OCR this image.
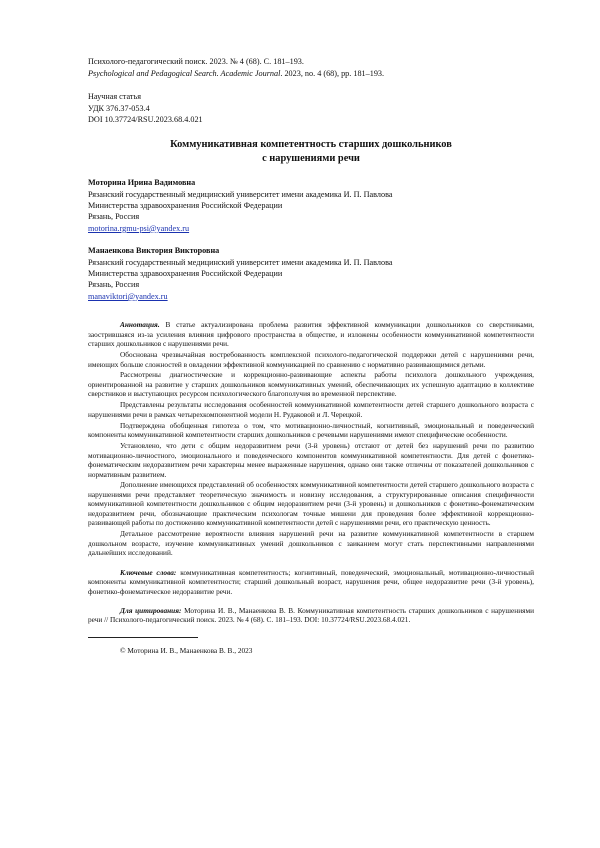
Психолого-педагогический поиск. 2023. № 4 (68). С. 181–193.
Psychological and Pedagogical Search. Academic Journal. 2023, no. 4 (68), pp. 181–193.
Научная статья
УДК 376.37-053.4
DOI 10.37724/RSU.2023.68.4.021
Коммуникативная компетентность старших дошкольников
с нарушениями речи
Моторина Ирина Вадимовна
Рязанский государственный медицинский университет имени академика И. П. Павлова
Министерства здравоохранения Российской Федерации
Рязань, Россия
motorina.rgmu-psi@yandex.ru
Манаенкова Виктория Викторовна
Рязанский государственный медицинский университет имени академика И. П. Павлова
Министерства здравоохранения Российской Федерации
Рязань, Россия
manaviktori@yandex.ru

Аннотация. В статье актуализирована проблема развития эффективной коммуникации дошкольников со сверстниками, заострившаяся из-за усиления влияния цифрового пространства в обществе, и изложены особенности коммуникативной компетентности старших дошкольников с нарушениями речи.

Обоснована чрезвычайная востребованность комплексной психолого-педагогической поддержки детей с нарушениями речи, имеющих больше сложностей в овладении эффективной коммуникацией по сравнению с нормативно развивающимися детьми.

Рассмотрены диагностические и коррекционно-развивающие аспекты работы психолога дошкольного учреждения, ориентированной на развитие у старших дошкольников коммуникативных умений, обеспечивающих их успешную адаптацию в коллективе сверстников и выступающих ресурсом психологического благополучия во временной перспективе.

Представлены результаты исследования особенностей коммуникативной компетентности детей старшего дошкольного возраста с нарушениями речи в рамках четырехкомпонентной модели Н. Рудаковой и Л. Черецкой.

Подтверждена обобщенная гипотеза о том, что мотивационно-личностный, когнитивный, эмоциональный и поведенческий компоненты коммуникативной компетентности старших дошкольников с речевыми нарушениями имеют специфические особенности.

Установлено, что дети с общим недоразвитием речи (3-й уровень) отстают от детей без нарушений речи по развитию мотивационно-личностного, эмоционального и поведенческого компонентов коммуникативной компетентности. Для детей с фонетико-фонематическим недоразвитием речи характерны менее выраженные нарушения, однако они также отличны от показателей дошкольников с нормативным развитием.

Дополнение имеющихся представлений об особенностях коммуникативной компетентности детей старшего дошкольного возраста с нарушениями речи представляет теоретическую значимость и новизну исследования, а структурированные описания специфичности коммуникативной компетентности дошкольников с общим недоразвитием речи (3-й уровень) и дошкольников с фонетико-фонематическим недоразвитием речи, обозначающие практическим психологам точные мишени для проведения более эффективной коррекционно-развивающей работы по достижению коммуникативной компетентности детей с нарушениями речи, его практическую ценность.

Детальное рассмотрение вероятности влияния нарушений речи на развитие коммуникативной компетентности в старшем дошкольном возрасте, изучение коммуникативных умений дошкольников с заиканием могут стать перспективными направлениями дальнейших исследований.

Ключевые слова: коммуникативная компетентность; когнитивный, поведенческий, эмоциональный, мотивационно-личностный компоненты коммуникативной компетентности; старший дошкольный возраст, нарушения речи, общее недоразвитие речи (3-й уровень), фонетико-фонематическое недоразвитие речи.
Для цитирования: Моторина И. В., Манаенкова В. В. Коммуникативная компетентность старших дошкольников с нарушениями речи // Психолого-педагогический поиск. 2023. № 4 (68). С. 181–193. DOI: 10.37724/RSU.2023.68.4.021.
© Моторина И. В., Манаенкова В. В., 2023
